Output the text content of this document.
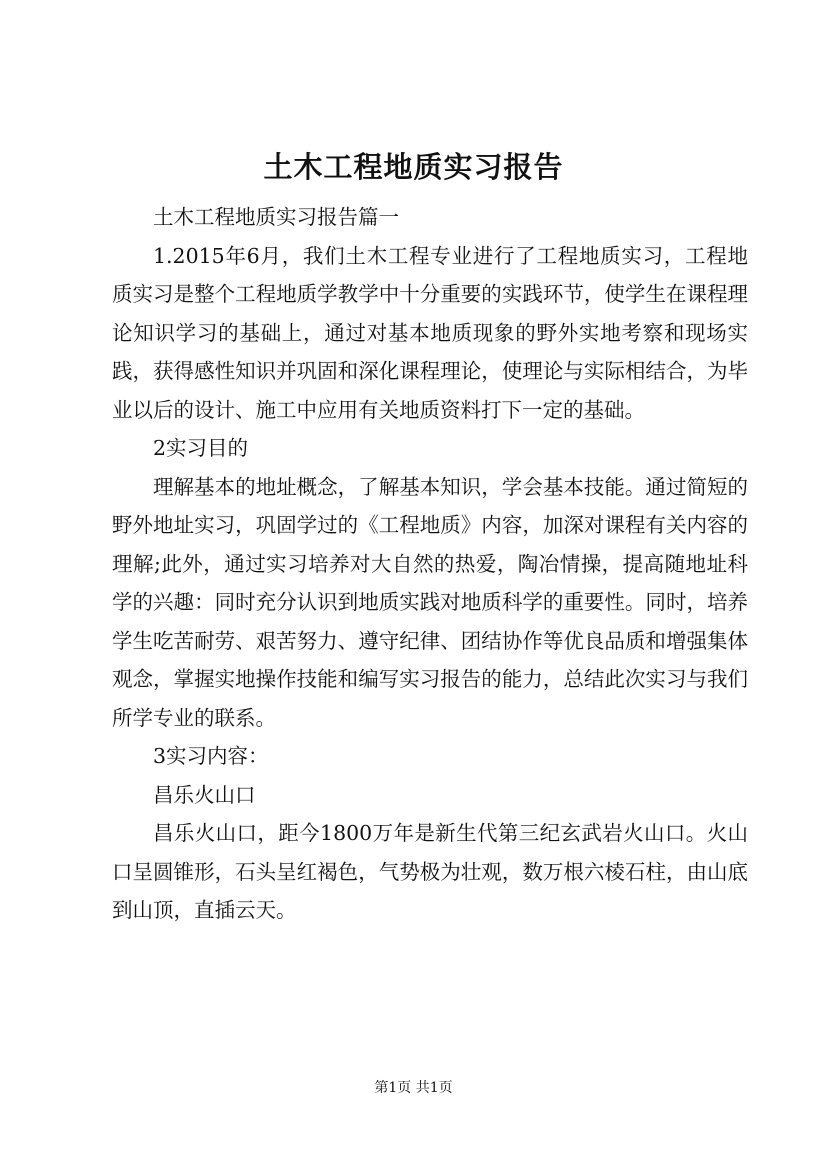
土木工程地质实习报告

土木工程地质实习报告篇一

1.2015年6月，我们土木工程专业进行了工程地质实习，工程地质实习是整个工程地质学教学中十分重要的实践环节，使学生在课程理论知识学习的基础上，通过对基本地质现象的野外实地考察和现场实践，获得感性知识并巩固和深化课程理论，使理论与实际相结合，为毕业以后的设计、施工中应用有关地质资料打下一定的基础。

2实习目的

理解基本的地址概念，了解基本知识，学会基本技能。通过简短的野外地址实习，巩固学过的《工程地质》内容，加深对课程有关内容的理解;此外，通过实习培养对大自然的热爱，陶冶情操，提高随地址科学的兴趣：同时充分认识到地质实践对地质科学的重要性。同时，培养学生吃苦耐劳、艰苦努力、遵守纪律、团结协作等优良品质和增强集体观念，掌握实地操作技能和编写实习报告的能力，总结此次实习与我们所学专业的联系。

3实习内容：

昌乐火山口

昌乐火山口，距今1800万年是新生代第三纪玄武岩火山口。火山口呈圆锥形，石头呈红褐色，气势极为壮观，数万根六棱石柱，由山底到山顶，直插云天。

第1页 共1页
